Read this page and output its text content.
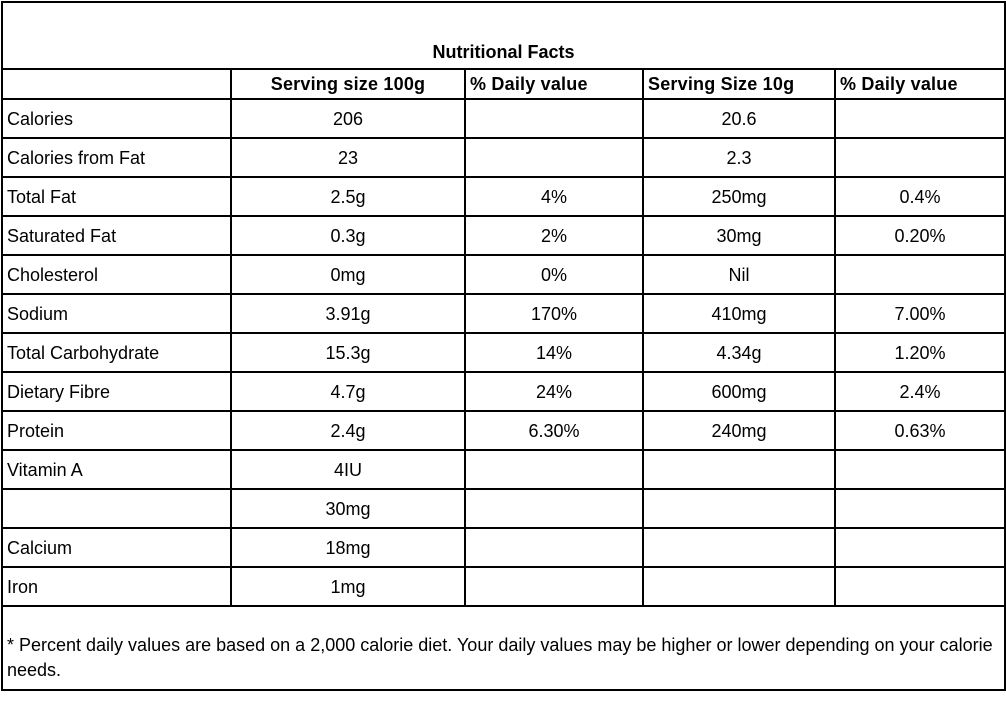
Nutritional Facts				
	Serving size 100g	% Daily value	Serving Size 10g	% Daily value
Calories	206		20.6	
Calories from Fat	23		2.3	
Total Fat	2.5g	4%	250mg	0.4%
Saturated Fat	0.3g	2%	30mg	0.20%
Cholesterol	0mg	0%	Nil	
Sodium	3.91g	170%	410mg	7.00%
Total Carbohydrate	15.3g	14%	4.34g	1.20%
Dietary Fibre	4.7g	24%	600mg	2.4%
Protein	2.4g	6.30%	240mg	0.63%
Vitamin A	4IU			
	30mg			
Calcium	18mg			
Iron	1mg			
* Percent daily values are based on a 2,000 calorie diet. Your daily values may be higher or lower depending on your calorie needs.				
